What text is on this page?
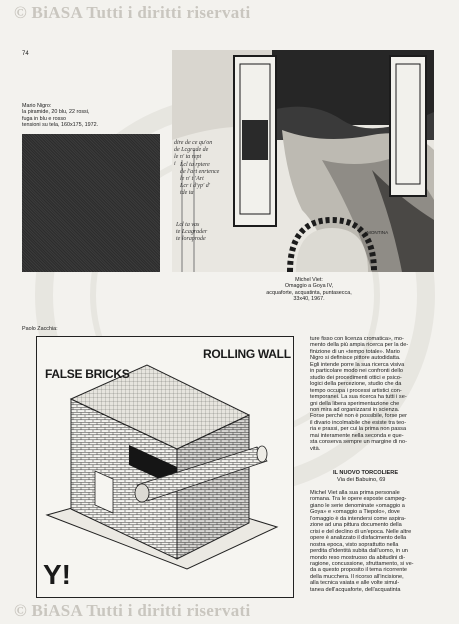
© BiASA Tutti i diritti riservati
© BiASA Tutti i diritti riservati
74
Mario Nigro:
la piramide, 20 blu, 22 rossi,
fuga in blu e rosso
tensioni su tela, 160x175, 1972.
dire de ce qu'on
de Lcgrade de
le n' ta rept
i Lcl ta rptere
de l'art enrtence
le n' t 'Art
Lcr i d'yp' d'
tde ta
Lcl ta vas
te Lcagrader
te loraprode
MONTINA
Michel Viet:
Omaggio a Goya IV,
acquaforte, acquatinta, puntasecca,
33x40, 1967.
Paolo Zacchia:
ROLLING WALL
FALSE BRICKS
Y!
ture fisso con licenza cromatica», mo-
mento della più ampia ricerca per la de-
finizione di un «tempo totale». Mario
Nigro si definisce pittore autodidatta.
Egli intende porre la sua ricerca visiva
in particolare modo nei confronti dello
studio dei procedimenti ottici e psico-
logici della percezione, studio che da
tempo occupa i processi artistici con-
temporanei. La sua ricerca ha tutti i se-
gni della libera sperimentazione che
non mira ad organizzarsi in scienza.
Forse perché non è possibile, forse per
il divario incolmabile che esiste tra teo-
ria e prassi, per cui la prima non passa
mai interamente nella seconda e que-
sta conserva sempre un margine di no-
vità.
IL NUOVO TORCOLIERE
Via dei Babuino, 69
Michel Viet alla sua prima personale
romana. Tra le opere esposte campeg-
giano le serie denominate «omaggio a
Goya» e «omaggio a Tiepolo», dove
l'omaggio è da intendersi come aspira-
zione ad una pittura documento della
crisi e del declino di un'epoca. Nelle altre
opere è analizzato il disfacimento della
nostra epoca, visto soprattutto nella
perdita d'identità subita dall'uomo, in un
mondo reso mostruoso da abitudini di-
ragione, concussione, sfruttamento, si ve-
da a questo proposito il tema ricorrente
della mucchera. Il ricorso all'incisione,
alla tecnica vaiata e alle volte simul-
tanea dell'acquaforte, dell'acquatinta
